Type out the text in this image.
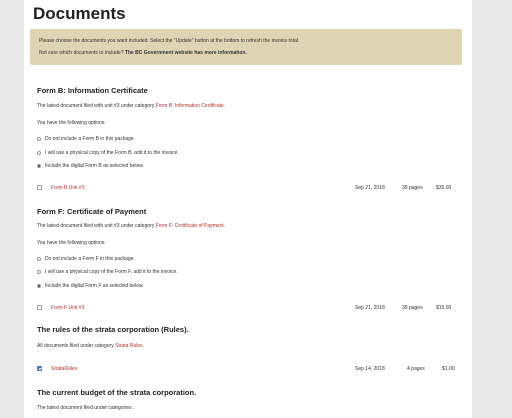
Documents
Please choose the documents you want included. Select the "Update" button at the bottom to refresh the invoice total.
Not sure which documents to include? The BC Government website has more information.
Form B: Information Certificate
The latest document filed with unit #3 under category Form B: Information Certificate.
You have the following options:
Do not include a Form B in this package.
I will use a physical copy of the Form B, add it to the invoice.
Include the digital Form B as selected below.
Form B Unit #3	Sep 21, 2018	39 pages	$35.00
Form F: Certificate of Payment
The latest document filed with unit #3 under category Form F: Certificate of Payment.
You have the following options:
Do not include a Form F in this package.
I will use a physical copy of the Form F, add it to the invoice.
Include the digital Form F as selected below.
Form F Unit #3	Sep 21, 2018	39 pages	$15.00
The rules of the strata corporation (Rules).
All documents filed under category Strata Rules.
StrataRules	Sep 14, 2018	4 pages	$1.00
The current budget of the strata corporation.
The latest document filed under categories .
